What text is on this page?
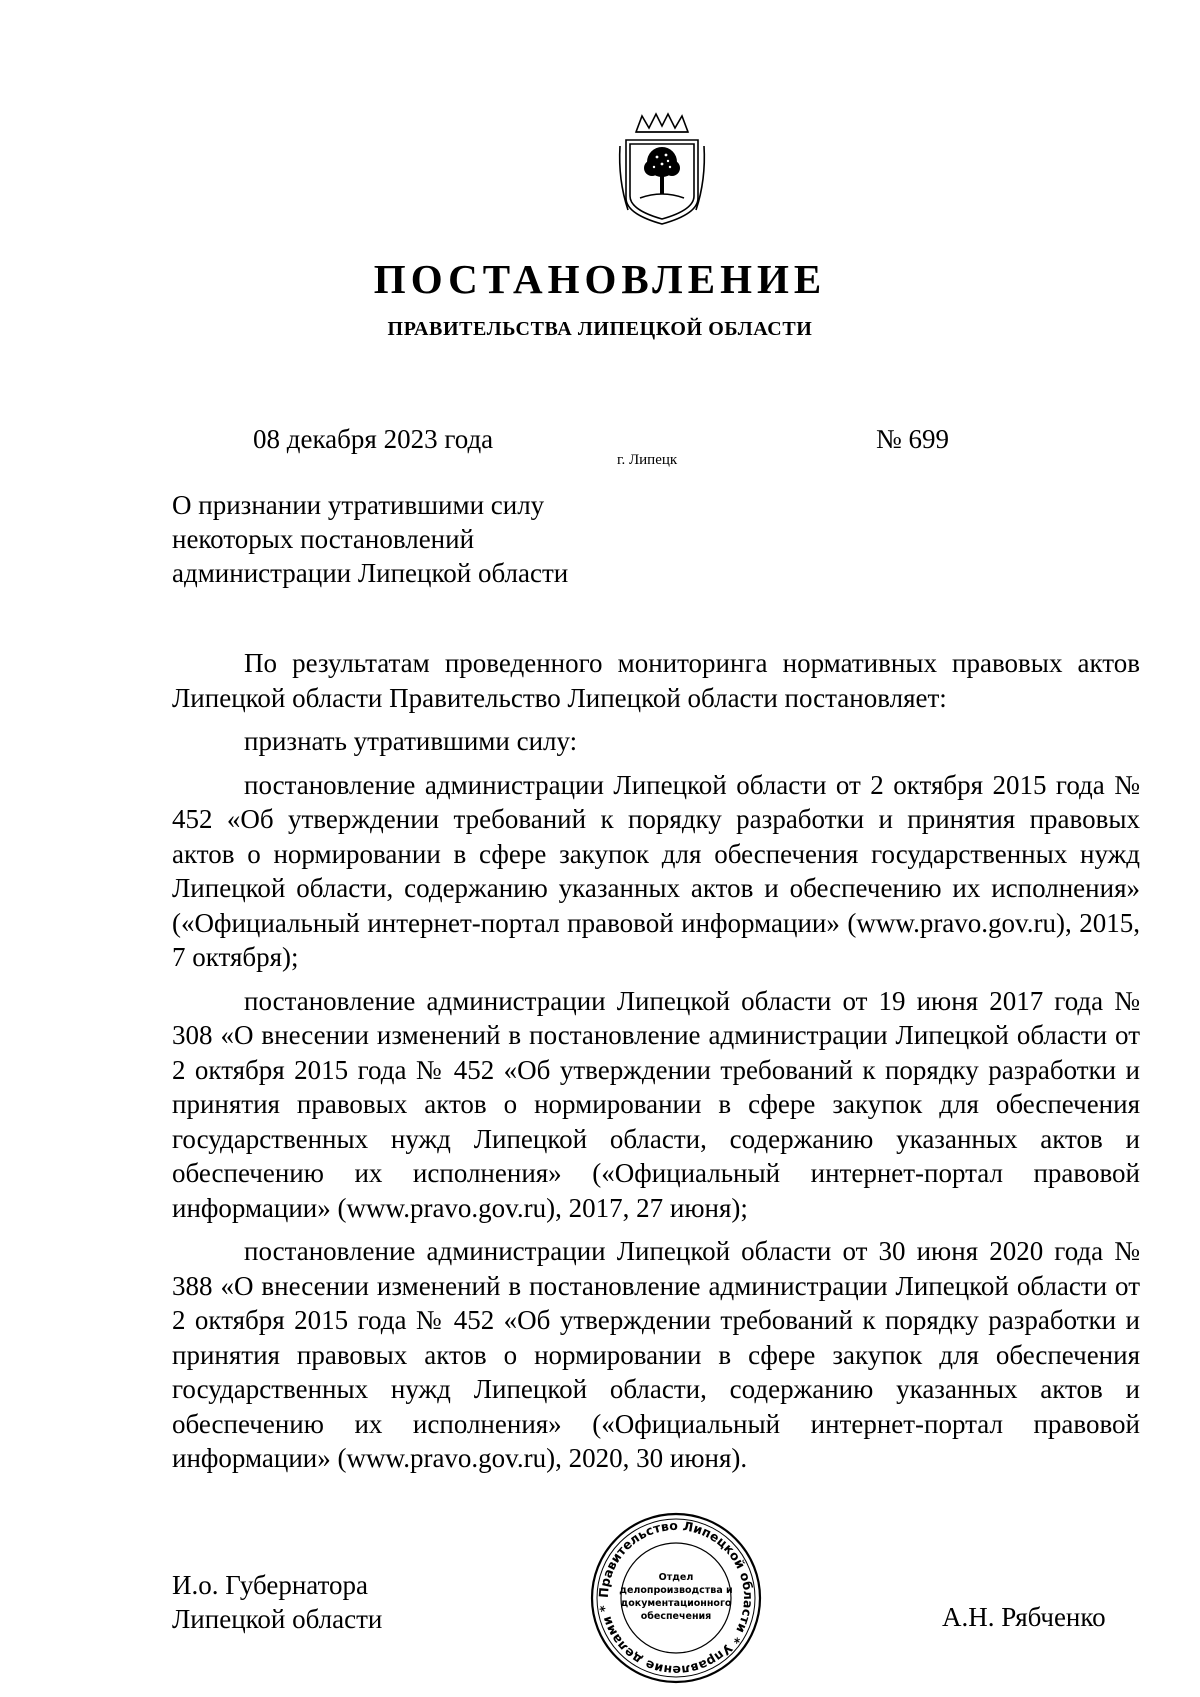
ПОСТАНОВЛЕНИЕ
ПРАВИТЕЛЬСТВА ЛИПЕЦКОЙ ОБЛАСТИ
08 декабря 2023 года
г. Липецк
№ 699
О признании утратившими силу
некоторых постановлений
администрации Липецкой области

По результатам проведенного мониторинга нормативных правовых актов Липецкой области Правительство Липецкой области постановляет:

признать утратившими силу:

постановление администрации Липецкой области от 2 октября 2015 года № 452 «Об утверждении требований к порядку разработки и принятия правовых актов о нормировании в сфере закупок для обеспечения государственных нужд Липецкой области, содержанию указанных актов и обеспечению их исполнения» («Официальный интернет-портал правовой информации» (www.pravo.gov.ru), 2015, 7 октября);

постановление администрации Липецкой области от 19 июня 2017 года № 308 «О внесении изменений в постановление администрации Липецкой области от 2 октября 2015 года № 452 «Об утверждении требований к порядку разработки и принятия правовых актов о нормировании в сфере закупок для обеспечения государственных нужд Липецкой области, содержанию указанных актов и обеспечению их исполнения» («Официальный интернет-портал правовой информации» (www.pravo.gov.ru), 2017, 27 июня);

постановление администрации Липецкой области от 30 июня 2020 года № 388 «О внесении изменений в постановление администрации Липецкой области от 2 октября 2015 года № 452 «Об утверждении требований к порядку разработки и принятия правовых актов о нормировании в сфере закупок для обеспечения государственных нужд Липецкой области, содержанию указанных актов и обеспечению их исполнения» («Официальный интернет-портал правовой информации» (www.pravo.gov.ru), 2020, 30 июня).

И.о. Губернатора
Липецкой области
Правительство Липецкой области * Управление делами *
Отдел
делопроизводства и
документационного
обеспечения	А.Н. Рябченко
